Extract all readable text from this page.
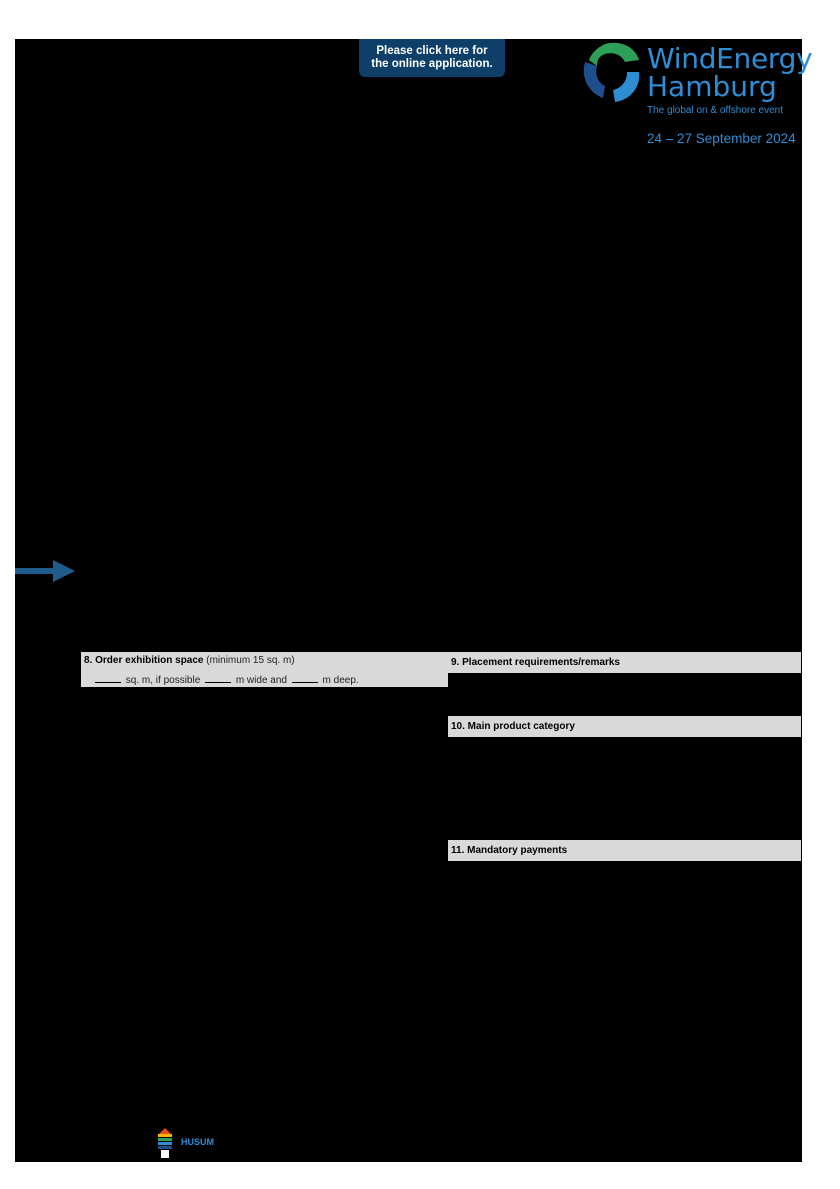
Please click here for
the online application.	WindEnergy
Hamburg
The global on & offshore event
24 – 27 September 2024
8. Order exhibition space (minimum 15 sq. m)
sq. m, if possible	m wide and	m deep.
9. Placement requirements/remarks
10. Main product category
11. Mandatory payments
HUSUM
